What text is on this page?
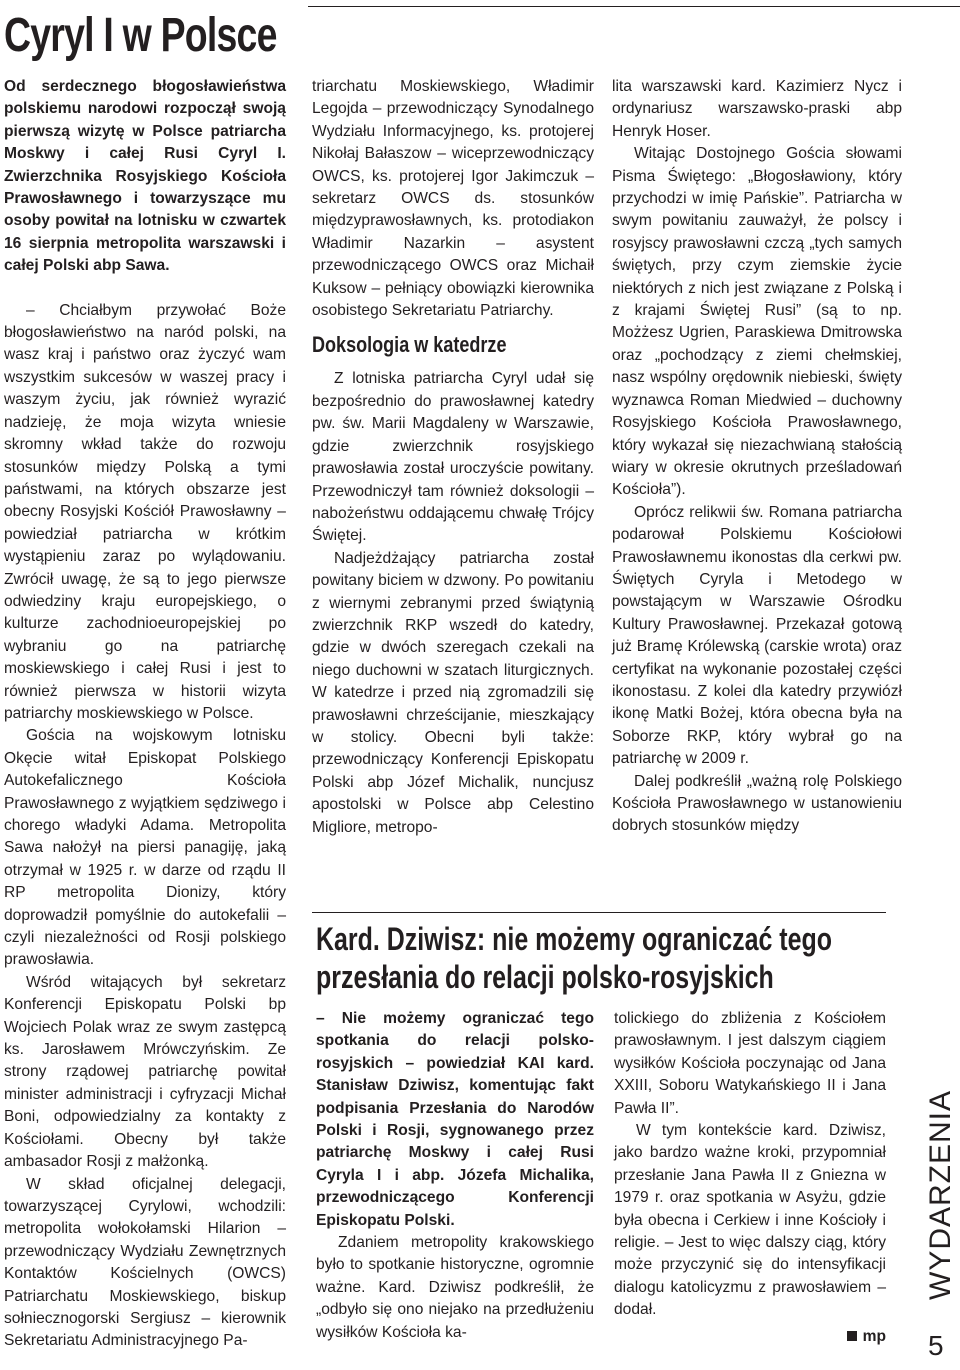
Cyryl I w Polsce

Od serdecznego błogosławieństwa polskiemu narodowi rozpoczął swoją pierwszą wizytę w Polsce patriarcha Moskwy i całej Rusi Cyryl I. Zwierzchnika Rosyjskiego Kościoła Prawosławnego i towarzyszące mu osoby powitał na lotnisku w czwartek 16 sierpnia metropolita warszawski i całej Polski abp Sawa.

– Chciałbym przywołać Boże błogosławieństwo na naród polski, na wasz kraj i państwo oraz życzyć wam wszystkim sukcesów w waszej pracy i waszym życiu, jak również wyrazić nadzieję, że moja wizyta wniesie skromny wkład także do rozwoju stosunków między Polską a tymi państwami, na których obszarze jest obecny Rosyjski Kościół Prawosławny – powiedział patriarcha w krótkim wystąpieniu zaraz po wylądowaniu. Zwrócił uwagę, że są to jego pierwsze odwiedziny kraju europejskiego, o kulturze zachodnioeuropejskiej po wybraniu go na patriarchę moskiewskiego i całej Rusi i jest to również pierwsza w historii wizyta patriarchy moskiewskiego w Polsce.

Gościa na wojskowym lotnisku Okęcie witał Episkopat Polskiego Autokefalicznego Kościoła Prawosławnego z wyjątkiem sędziwego i chorego władyki Adama. Metropolita Sawa nałożył na piersi panagiję, jaką otrzymał w 1925 r. w darze od rządu II RP metropolita Dionizy, który doprowadził pomyślnie do autokefalii – czyli niezależności od Rosji polskiego prawosławia.

Wśród witających był sekretarz Konferencji Episkopatu Polski bp Wojciech Polak wraz ze swym zastępcą ks. Jarosławem Mrówczyńskim. Ze strony rządowej patriarchę powitał minister administracji i cyfryzacji Michał Boni, odpowiedzialny za kontakty z Kościołami. Obecny był także ambasador Rosji z małżonką.

W skład oficjalnej delegacji, towarzyszącej Cyrylowi, wchodzili: metropolita wołokołamski Hilarion – przewodniczący Wydziału Zewnętrznych Kontaktów Kościelnych (OWCS) Patriarchatu Moskiewskiego, biskup sołniecznogorski Sergiusz – kierownik Sekretariatu Administracyjnego Pa-

triarchatu Moskiewskiego, Władimir Legojda – przewodniczący Synodalnego Wydziału Informacyjnego, ks. protojerej Nikołaj Bałaszow – wiceprzewodniczący OWCS, ks. protojerej Igor Jakimczuk – sekretarz OWCS ds. stosunków międzyprawosławnych, ks. protodiakon Władimir Nazarkin – asystent przewodniczącego OWCS oraz Michaił Kuksow – pełniący obowiązki kierownika osobistego Sekretariatu Patriarchy.

Doksologia w katedrze

Z lotniska patriarcha Cyryl udał się bezpośrednio do prawosławnej katedry pw. św. Marii Magdaleny w Warszawie, gdzie zwierzchnik rosyjskiego prawosławia został uroczyście powitany. Przewodniczył tam również doksologii – nabożeństwu oddającemu chwałę Trójcy Świętej.

Nadjeżdżający patriarcha został powitany biciem w dzwony. Po powitaniu z wiernymi zebranymi przed świątynią zwierzchnik RKP wszedł do katedry, gdzie w dwóch szeregach czekali na niego duchowni w szatach liturgicznych. W katedrze i przed nią zgromadzili się prawosławni chrześcijanie, mieszkający w stolicy. Obecni byli także: przewodniczący Konferencji Episkopatu Polski abp Józef Michalik, nuncjusz apostolski w Polsce abp Celestino Migliore, metropo-

lita warszawski kard. Kazimierz Nycz i ordynariusz warszawsko-praski abp Henryk Hoser.

Witając Dostojnego Gościa słowami Pisma Świętego: „Błogosławiony, który przychodzi w imię Pańskie”. Patriarcha w swym powitaniu zauważył, że polscy i rosyjscy prawosławni czczą „tych samych świętych, przy czym ziemskie życie niektórych z nich jest związane z Polską i z krajami Świętej Rusi” (są to np. Możżesz Ugrien, Paraskiewa Dmitrowska oraz „pochodzący z ziemi chełmskiej, nasz wspólny orędownik niebieski, święty wyznawca Roman Miedwied – duchowny Rosyjskiego Kościoła Prawosławnego, który wykazał się niezachwianą stałością wiary w okresie okrutnych prześladowań Kościoła”).

Oprócz relikwii św. Romana patriarcha podarował Polskiemu Kościołowi Prawosławnemu ikonostas dla cerkwi pw. Świętych Cyryla i Metodego w powstającym w Warszawie Ośrodku Kultury Prawosławnej. Przekazał gotową już Bramę Królewską (carskie wrota) oraz certyfikat na wykonanie pozostałej części ikonostasu. Z kolei dla katedry przywiózł ikonę Matki Bożej, która obecna była na Soborze RKP, który wybrał go na patriarchę w 2009 r.

Dalej podkreślił „ważną rolę Polskiego Kościoła Prawosławnego w ustanowieniu dobrych stosunków między

Kard. Dziwisz: nie możemy ograniczać tego przesłania do relacji polsko-rosyjskich

– Nie możemy ograniczać tego spotkania do relacji polsko-rosyjskich – powiedział KAI kard. Stanisław Dziwisz, komentując fakt podpisania Przesłania do Narodów Polski i Rosji, sygnowanego przez patriarchę Moskwy i całej Rusi Cyryla I i abp. Józefa Michalika, przewodniczącego Konferencji Episkopatu Polski.

Zdaniem metropolity krakowskiego było to spotkanie historyczne, ogromnie ważne. Kard. Dziwisz podkreślił, że „odbyło się ono niejako na przedłużeniu wysiłków Kościoła ka-

tolickiego do zbliżenia z Kościołem prawosławnym. I jest dalszym ciągiem wysiłków Kościoła poczynając od Jana XXIII, Soboru Watykańskiego II i Jana Pawła II”.

W tym kontekście kard. Dziwisz, jako bardzo ważne kroki, przypomniał przesłanie Jana Pawła II z Gniezna w 1979 r. oraz spotkania w Asyżu, gdzie była obecna i Cerkiew i inne Kościoły i religie. – Jest to więc dalszy ciąg, który może przyczynić się do intensyfikacji dialogu katolicyzmu z prawosławiem – dodał.

mp

WYDARZENIA
5
